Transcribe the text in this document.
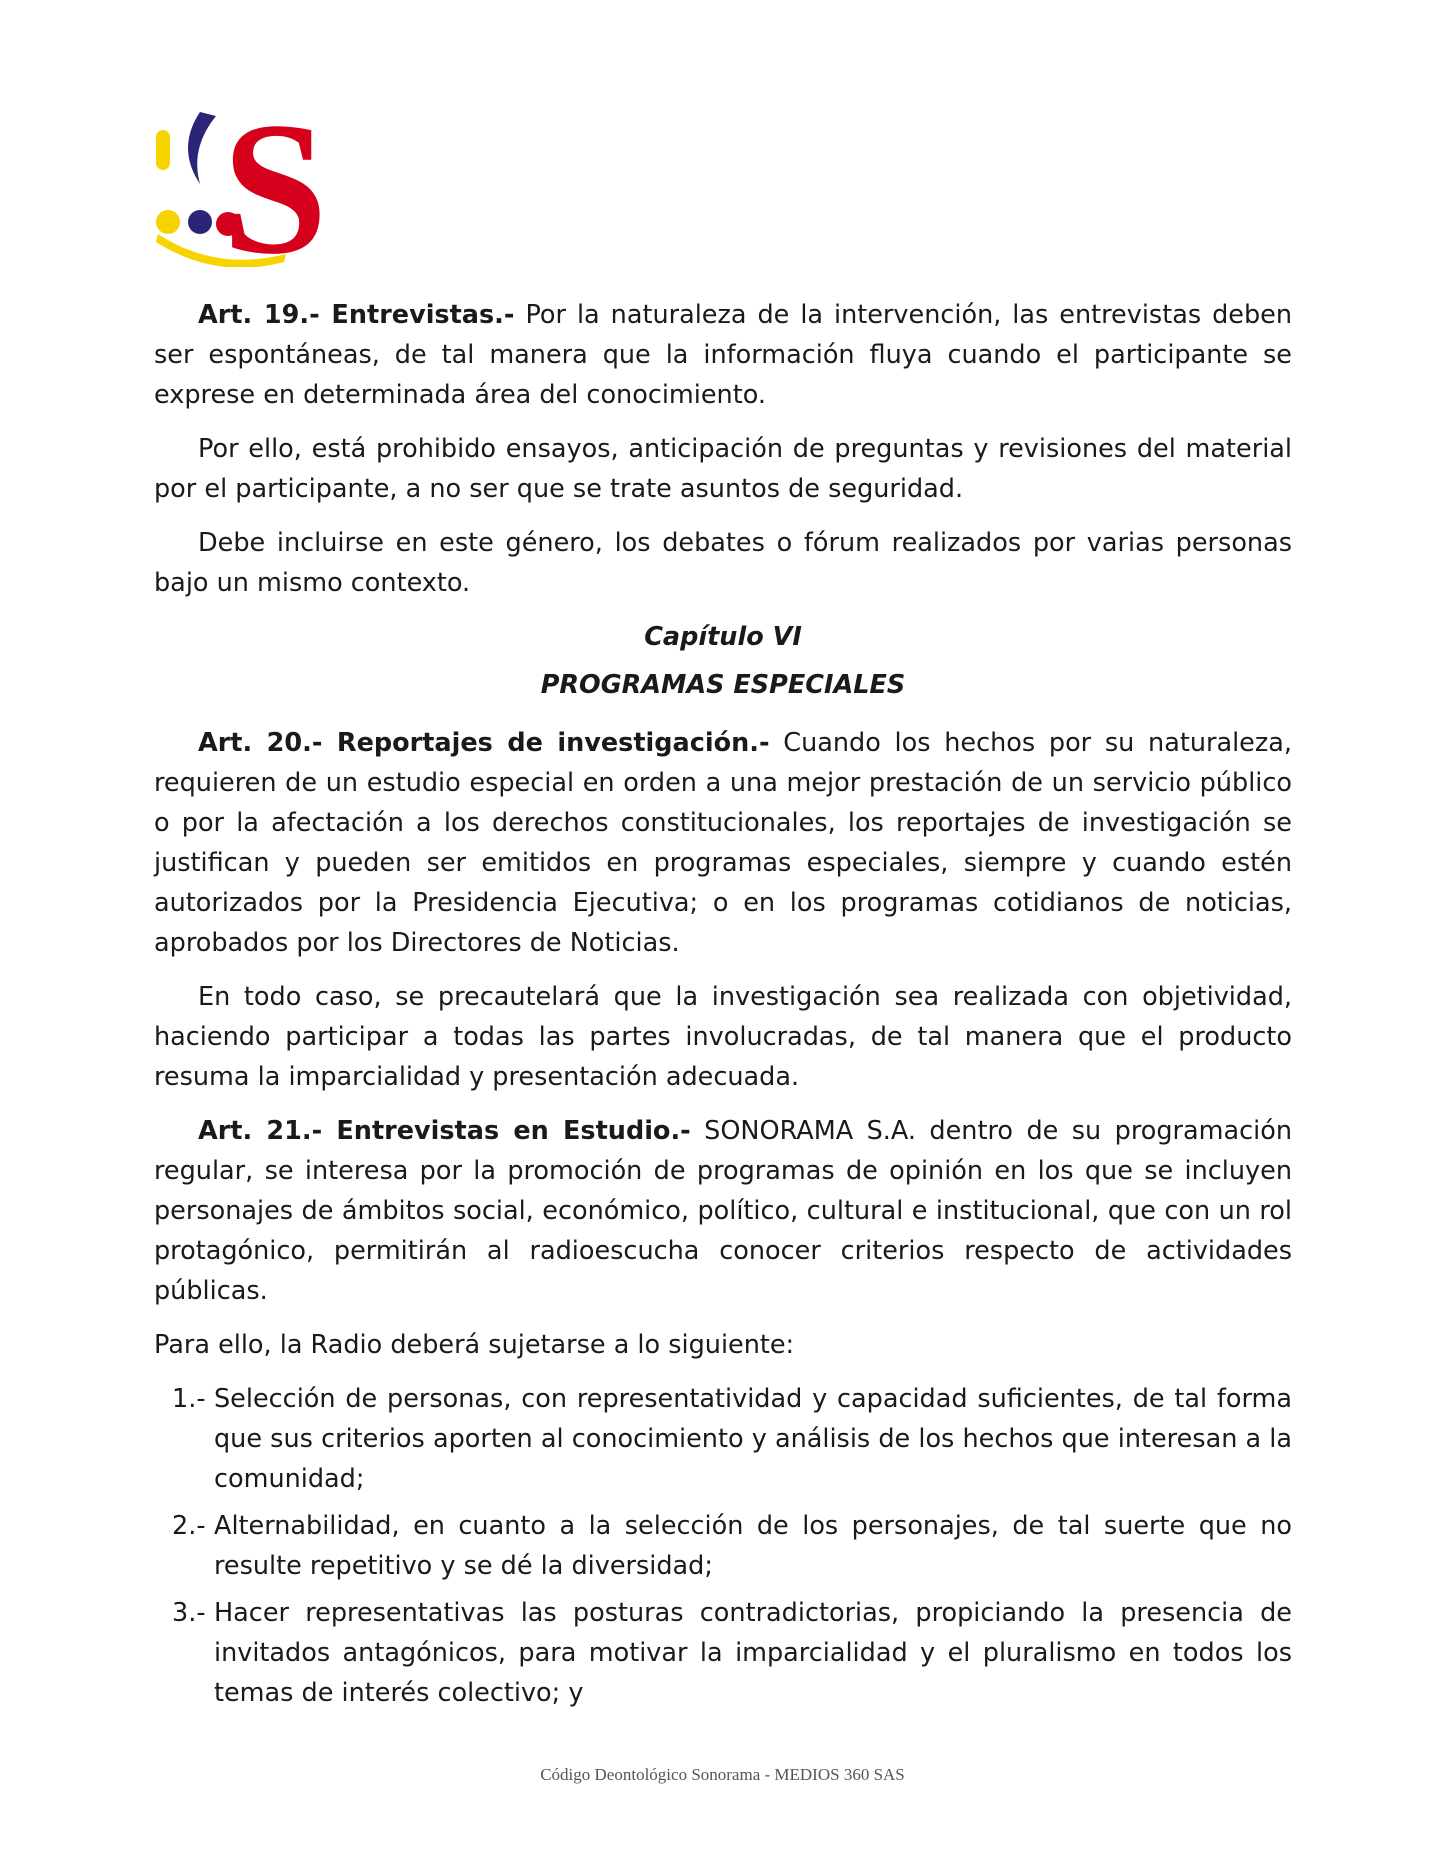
S

Art. 19.- Entrevistas.- Por la naturaleza de la intervención, las entrevistas deben ser espontáneas, de tal manera que la información fluya cuando el participante se exprese en determinada área del conocimiento.

Por ello, está prohibido ensayos, anticipación de preguntas y revisiones del material por el participante, a no ser que se trate asuntos de seguridad.

Debe incluirse en este género, los debates o fórum realizados por varias personas bajo un mismo contexto.

Capítulo VI

PROGRAMAS ESPECIALES

Art. 20.- Reportajes de investigación.- Cuando los hechos por su naturaleza, requieren de un estudio especial en orden a una mejor prestación de un servicio público o por la afectación a los derechos constitucionales, los reportajes de investigación se justifican y pueden ser emitidos en programas especiales, siempre y cuando estén autorizados por la Presidencia Ejecutiva; o en los programas cotidianos de noticias, aprobados por los Directores de Noticias.

En todo caso, se precautelará que la investigación sea realizada con objetividad, haciendo participar a todas las partes involucradas, de tal manera que el producto resuma la imparcialidad y presentación adecuada.

Art. 21.- Entrevistas en Estudio.- SONORAMA S.A. dentro de su programación regular, se interesa por la promoción de programas de opinión en los que se incluyen personajes de ámbitos social, económico, político, cultural e institucional, que con un rol protagónico, permitirán al radioescucha conocer criterios respecto de actividades públicas.

Para ello, la Radio deberá sujetarse a lo siguiente:

1.- Selección de personas, con representatividad y capacidad suficientes, de tal forma que sus criterios aporten al conocimiento y análisis de los hechos que interesan a la comunidad;
2.- Alternabilidad, en cuanto a la selección de los personajes, de tal suerte que no resulte repetitivo y se dé la diversidad;
3.- Hacer representativas las posturas contradictorias, propiciando la presencia de invitados antagónicos, para motivar la imparcialidad y el pluralismo en todos los temas de interés colectivo; y
Código Deontológico Sonorama - MEDIOS 360 SAS
